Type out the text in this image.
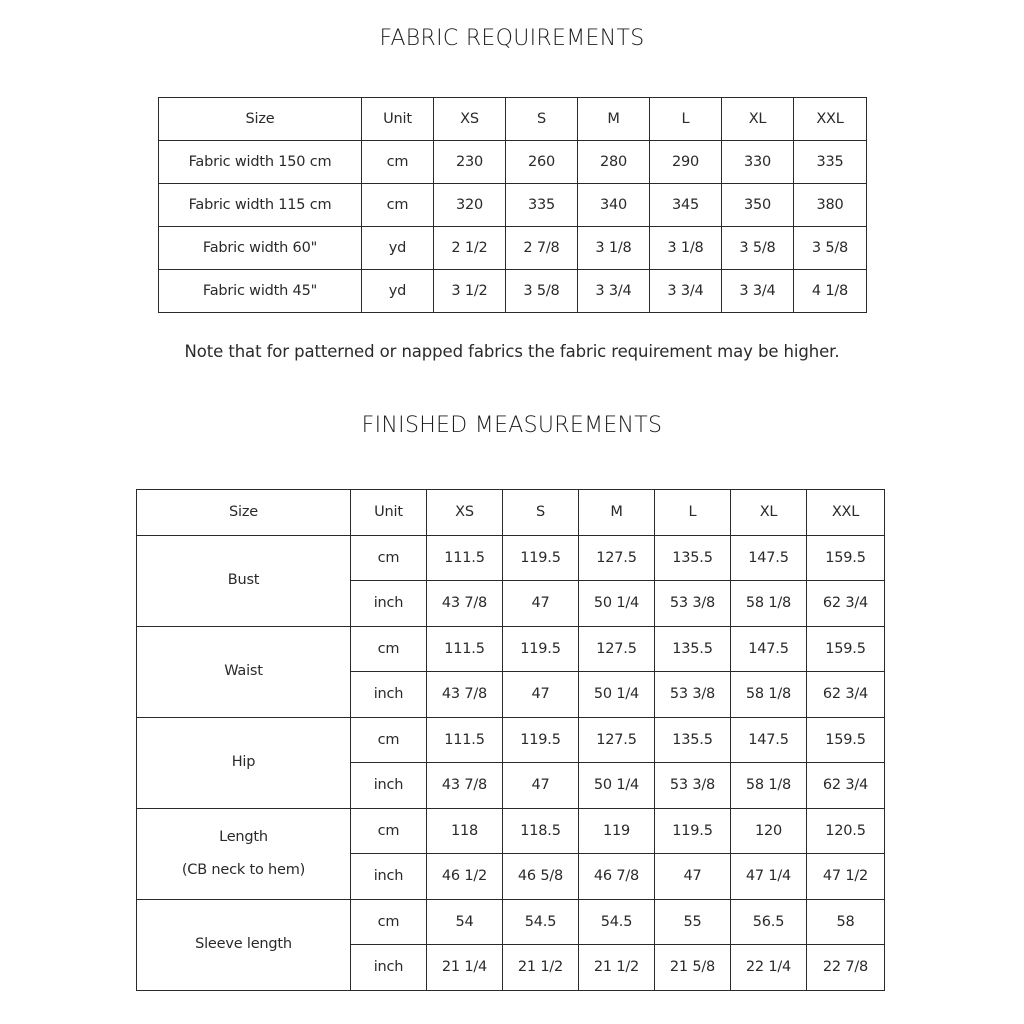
FABRIC REQUIREMENTS
Size	Unit	XS	S	M	L	XL	XXL
Fabric width 150 cm	cm	230	260	280	290	330	335
Fabric width 115 cm	cm	320	335	340	345	350	380
Fabric width 60"	yd	2 1/2	2 7/8	3 1/8	3 1/8	3 5/8	3 5/8
Fabric width 45"	yd	3 1/2	3 5/8	3 3/4	3 3/4	3 3/4	4 1/8

Note that for patterned or napped fabrics the fabric requirement may be higher.

FINISHED MEASUREMENTS
Size	Unit	XS	S	M	L	XL	XXL

Bust	cm	111.5	119.5	127.5	135.5	147.5	159.5
	inch	43 7/8	47	50 1/4	53 3/8	58 1/8	62 3/4

Waist	cm	111.5	119.5	127.5	135.5	147.5	159.5
	inch	43 7/8	47	50 1/4	53 3/8	58 1/8	62 3/4

Hip	cm	111.5	119.5	127.5	135.5	147.5	159.5
	inch	43 7/8	47	50 1/4	53 3/8	58 1/8	62 3/4

Length
(CB neck to hem)	cm	118	118.5	119	119.5	120	120.5
	inch	46 1/2	46 5/8	46 7/8	47	47 1/4	47 1/2

Sleeve length	cm	54	54.5	54.5	55	56.5	58
	inch	21 1/4	21 1/2	21 1/2	21 5/8	22 1/4	22 7/8
